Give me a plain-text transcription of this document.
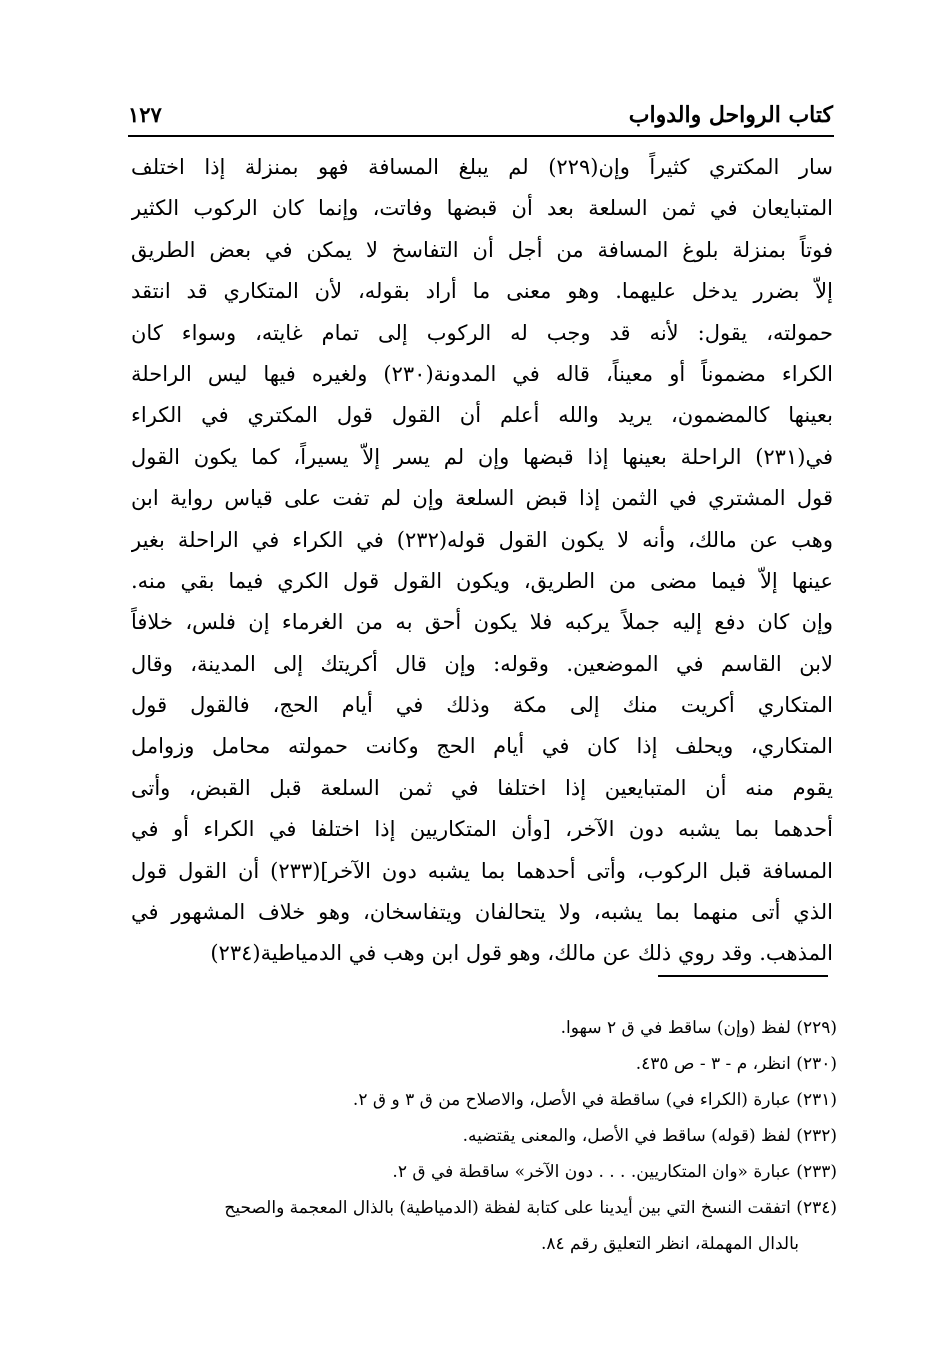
كتاب الرواحل والدواب
١٢٧
سار المكتري كثيراً وإن(٢٢٩) لم يبلغ المسافة فهو بمنزلة إذا اختلف
المتبايعان في ثمن السلعة بعد أن قبضها وفاتت، وإنما كان الركوب الكثير
فوتاً بمنزلة بلوغ المسافة من أجل أن التفاسخ لا يمكن في بعض الطريق
إلاّ بضرر يدخل عليهما. وهو معنى ما أراد بقوله، لأن المتكاري قد انتقد
حمولته، يقول: لأنه قد وجب له الركوب إلى تمام غايته، وسواء كان
الكراء مضموناً أو معيناً، قاله في المدونة(٢٣٠) ولغيره فيها ليس الراحلة
بعينها كالمضمون، يريد والله أعلم أن القول قول المكتري في الكراء
في(٢٣١) الراحلة بعينها إذا قبضها وإن لم يسر إلاّ يسيراً، كما يكون القول
قول المشتري في الثمن إذا قبض السلعة وإن لم تفت على قياس رواية ابن
وهب عن مالك، وأنه لا يكون القول قوله(٢٣٢) في الكراء في الراحلة بغير
عينها إلاّ فيما مضى من الطريق، ويكون القول قول الكري فيما بقي منه.
وإن كان دفع إليه جملاً يركبه فلا يكون أحق به من الغرماء إن فلس، خلافاً
لابن القاسم في الموضعين. وقوله: وإن قال أكريتك إلى المدينة، وقال
المتكاري أكريت منك إلى مكة وذلك في أيام الحج، فالقول قول
المتكاري، ويحلف إذا كان في أيام الحج وكانت حمولته محامل وزوامل
يقوم منه أن المتبايعين إذا اختلفا في ثمن السلعة قبل القبض، وأتى
أحدهما بما يشبه دون الآخر، [وأن المتكاريين إذا اختلفا في الكراء أو في
المسافة قبل الركوب، وأتى أحدهما بما يشبه دون الآخر](٢٣٣) أن القول قول
الذي أتى منهما بما يشبه، ولا يتحالفان ويتفاسخان، وهو خلاف المشهور في
المذهب. وقد روي ذلك عن مالك، وهو قول ابن وهب في الدمياطية(٢٣٤)
(٢٢٩) لفظ (وإن) ساقط في ق ٢ سهوا.
(٢٣٠) انظر، م - ٣ - ص ٤٣٥.
(٢٣١) عبارة (الكراء في) ساقطة في الأصل، والاصلاح من ق ٣ و ق ٢.
(٢٣٢) لفظ (قوله) ساقط في الأصل، والمعنى يقتضيه.
(٢٣٣) عبارة «وان المتكاريين. . . . دون الآخر» ساقطة في ق ٢.
(٢٣٤) اتفقت النسخ التي بين أيدينا على كتابة لفظة (الدمياطية) بالذال المعجمة والصحيح
بالدال المهملة، انظر التعليق رقم ٨٤.
